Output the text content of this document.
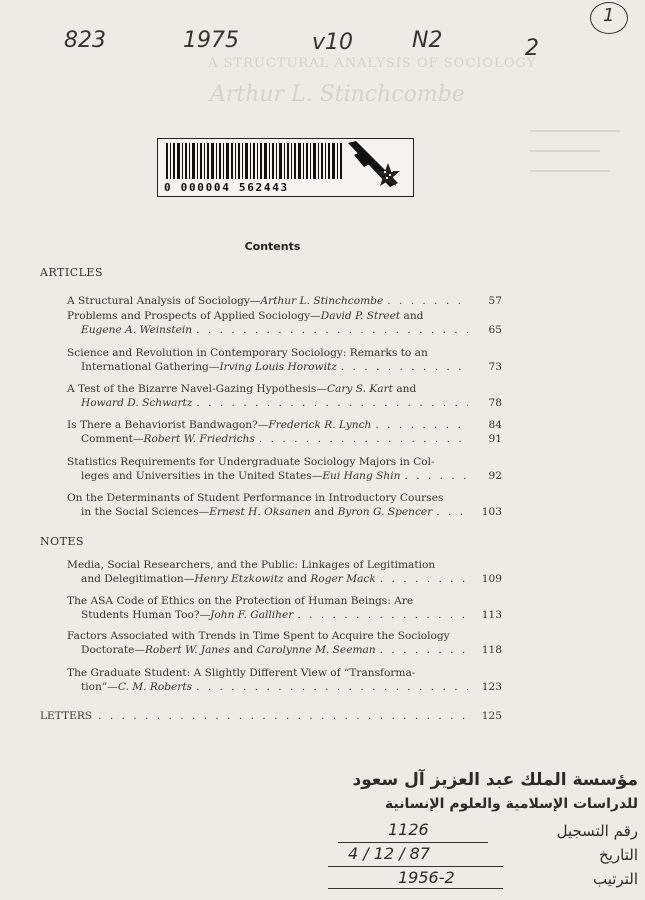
A STRUCTURAL ANALYSIS OF SOCIOLOGY
Arthur L. Stinchcombe
823	1975	v10	N2	2
1
0 000004 562443
Contents
ARTICLES
A Structural Analysis of Sociology—Arthur L. Stinchcombe . . .	57
Problems and Prospects of Applied Sociology—David P. Street and
Eugene A. Weinstein . . .	65
Science and Revolution in Contemporary Sociology: Remarks to an
International Gathering—Irving Louis Horowitz . . .	73
A Test of the Bizarre Navel-Gazing Hypothesis—Cary S. Kart and
Howard D. Schwartz . . .	78
Is There a Behaviorist Bandwagon?—Frederick R. Lynch . . .	84
Comment—Robert W. Friedrichs . . .	91
Statistics Requirements for Undergraduate Sociology Majors in Col-
leges and Universities in the United States—Eui Hang Shin . . .	92
On the Determinants of Student Performance in Introductory Courses
in the Social Sciences—Ernest H. Oksanen and Byron G. Spencer . . .	103
NOTES
Media, Social Researchers, and the Public: Linkages of Legitimation
and Delegitimation—Henry Etzkowitz and Roger Mack . . .	109
The ASA Code of Ethics on the Protection of Human Beings: Are
Students Human Too?—John F. Galliher . . .	113
Factors Associated with Trends in Time Spent to Acquire the Sociology
Doctorate—Robert W. Janes and Carolynne M. Seeman . . .	118
The Graduate Student: A Slightly Different View of “Transforma-
tion”—C. M. Roberts . . .	123
LETTERS . . .	125
مؤسسة الملك عبد العزيز آل سعود
للدراسات الإسلامية والعلوم الإنسانية
رقم التسجيل
1126
التاريخ
4 / 12 / 87
الترتيب
1956-2
